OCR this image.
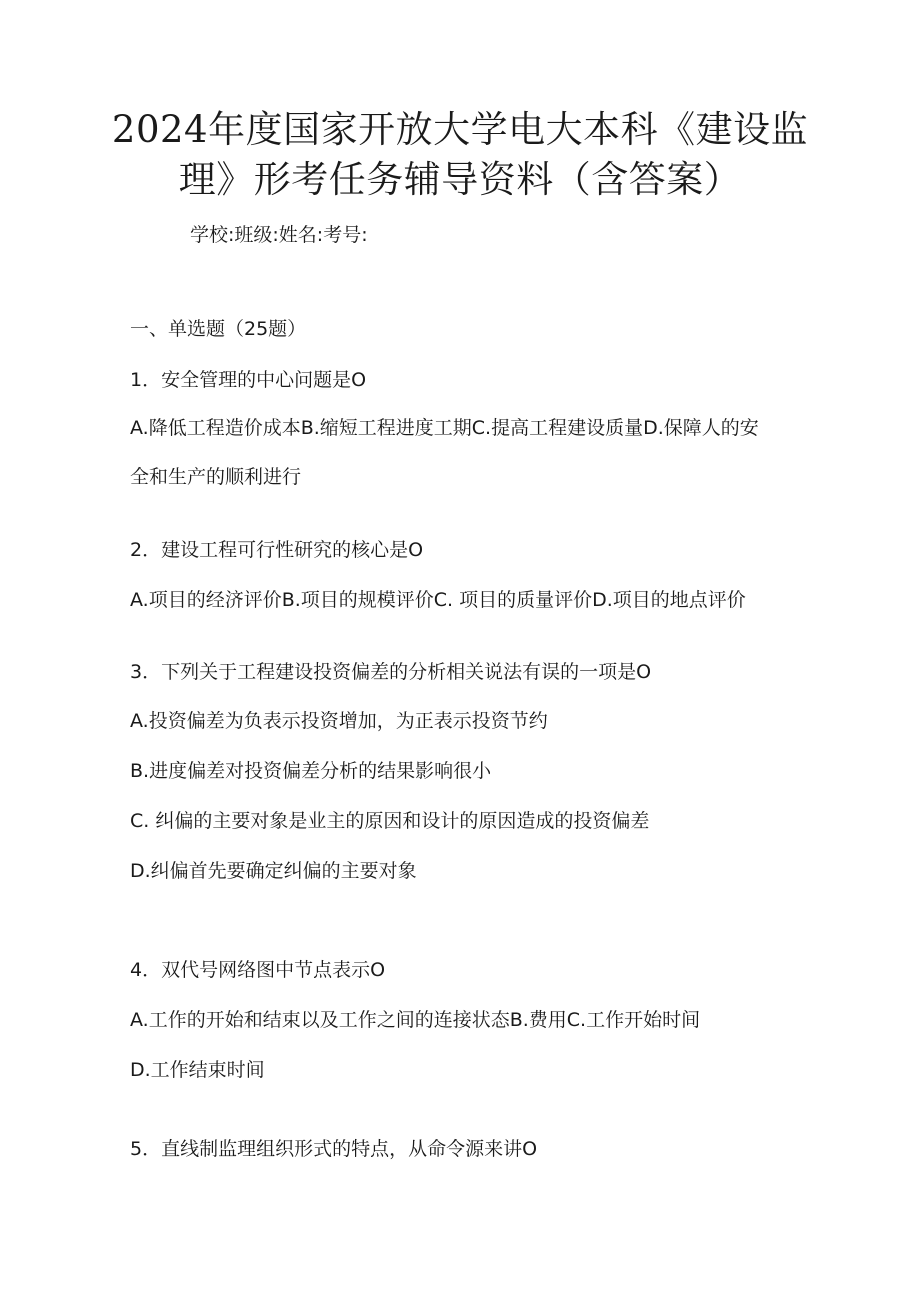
2024年度国家开放大学电大本科《建设监
理》形考任务辅导资料（含答案）
学校:班级:姓名:考号:
一、单选题（25题）
1．安全管理的中心问题是O
A.降低工程造价成本B.缩短工程进度工期C.提高工程建设质量D.保障人的安
全和生产的顺利进行
2．建设工程可行性研究的核心是O
A.项目的经济评价B.项目的规模评价C. 项目的质量评价D.项目的地点评价
3．下列关于工程建设投资偏差的分析相关说法有误的一项是O
A.投资偏差为负表示投资增加，为正表示投资节约
B.进度偏差对投资偏差分析的结果影响很小
C. 纠偏的主要对象是业主的原因和设计的原因造成的投资偏差
D.纠偏首先要确定纠偏的主要对象
4．双代号网络图中节点表示O
A.工作的开始和结束以及工作之间的连接状态B.费用C.工作开始时间
D.工作结束时间
5．直线制监理组织形式的特点，从命令源来讲O
